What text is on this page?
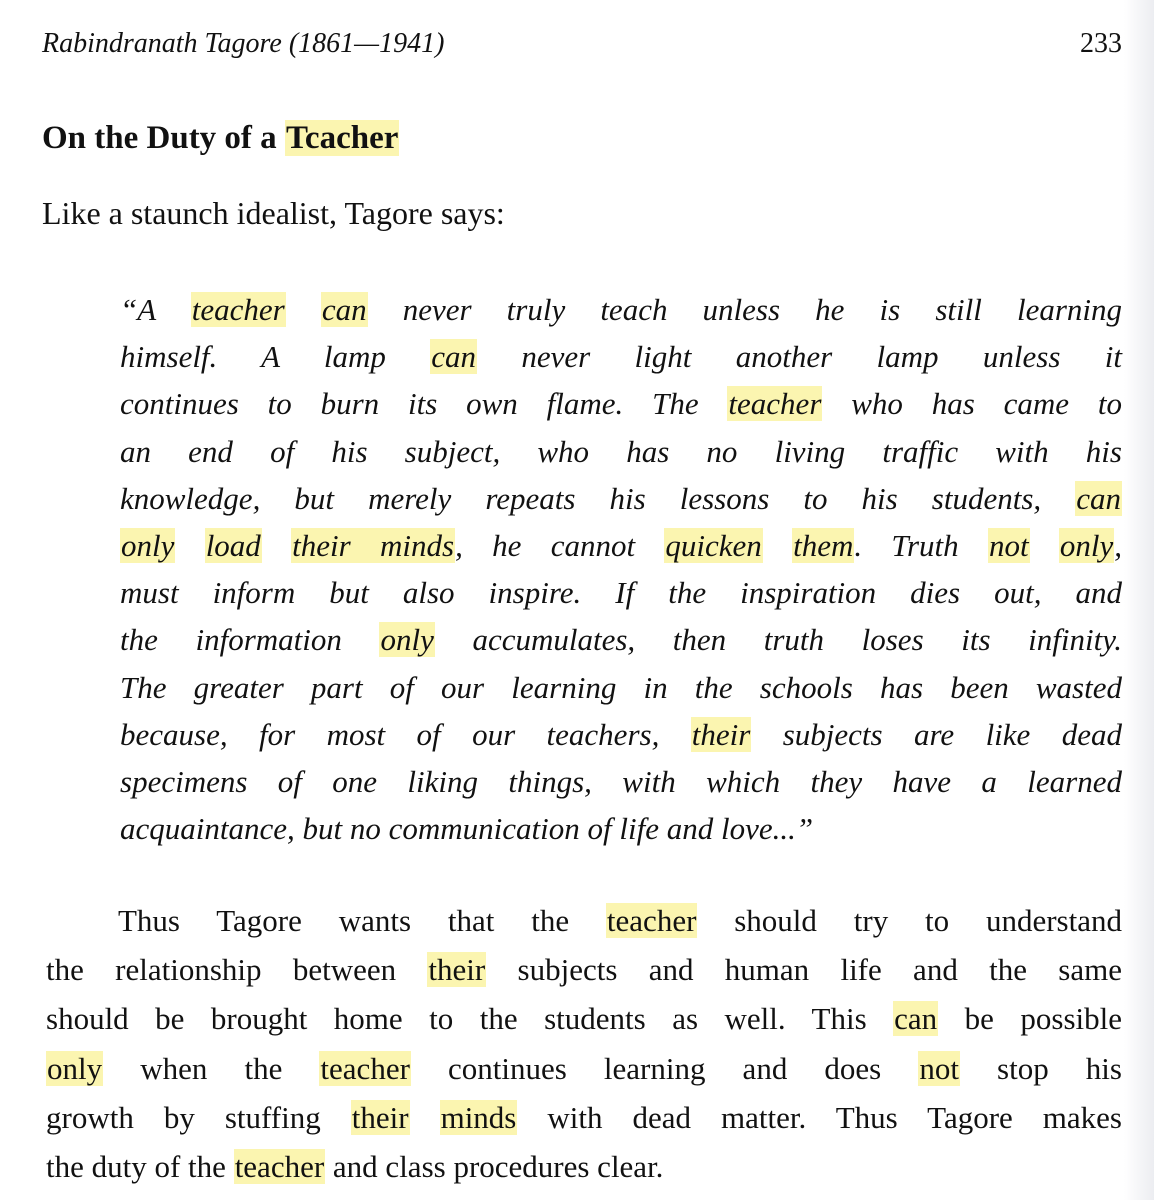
Rabindranath Tagore (1861—1941)	233
On the Duty of a Tcacher

Like a staunch idealist, Tagore says:

“A teacher can never truly teach unless he is still learning
himself. A lamp can never light another lamp unless it
continues to burn its own flame. The teacher who has came to
an end of his subject, who has no living traffic with his
knowledge, but merely repeats his lessons to his students, can
only load their minds, he cannot quicken them. Truth not only,
must inform but also inspire. If the inspiration dies out, and
the information only accumulates, then truth loses its infinity.
The greater part of our learning in the schools has been wasted
because, for most of our teachers, their subjects are like dead
specimens of one liking things, with which they have a learned
acquaintance, but no communication of life and love...”
Thus Tagore wants that the teacher should try to understand
the relationship between their subjects and human life and the same
should be brought home to the students as well. This can be possible
only when the teacher continues learning and does not stop his
growth by stuffing their minds with dead matter. Thus Tagore makes
the duty of the teacher and class procedures clear.
